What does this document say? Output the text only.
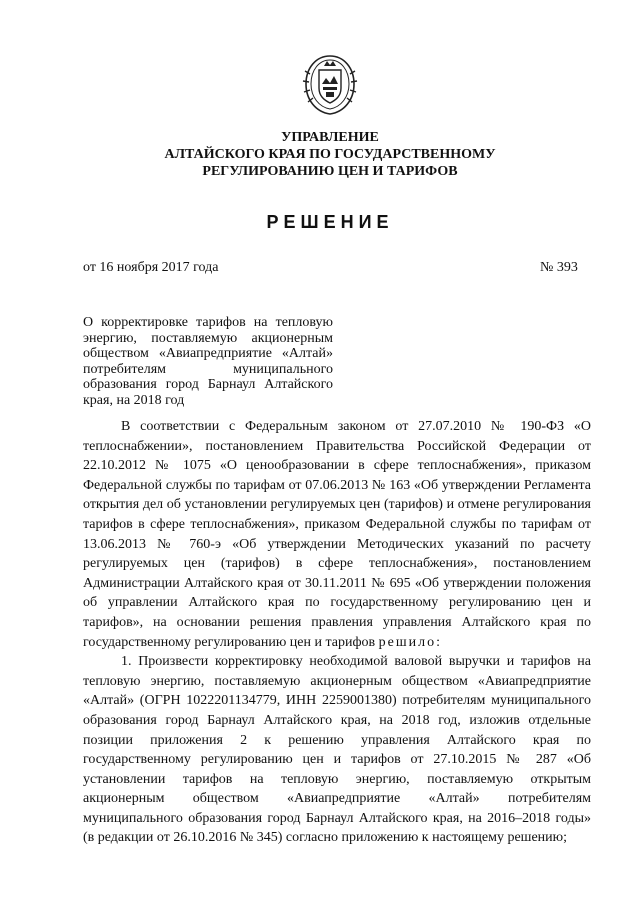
УПРАВЛЕНИЕ
АЛТАЙСКОГО КРАЯ ПО ГОСУДАРСТВЕННОМУ
РЕГУЛИРОВАНИЮ ЦЕН И ТАРИФОВ
РЕШЕНИЕ
от 16 ноября 2017 года	№ 393
О корректировке тарифов на тепловую энергию, поставляемую акционерным обществом «Авиапредприятие «Алтай» потребителям муниципального образования город Барнаул Алтайского края, на 2018 год

В соответствии с Федеральным законом от 27.07.2010 № 190-ФЗ «О теплоснабжении», постановлением Правительства Российской Федерации от 22.10.2012 № 1075 «О ценообразовании в сфере теплоснабжения», приказом Федеральной службы по тарифам от 07.06.2013 № 163 «Об утверждении Регламента открытия дел об установлении регулируемых цен (тарифов) и отмене регулирования тарифов в сфере теплоснабжения», приказом Федеральной службы по тарифам от 13.06.2013 № 760-э «Об утверждении Методических указаний по расчету регулируемых цен (тарифов) в сфере теплоснабжения», постановлением Администрации Алтайского края от 30.11.2011 № 695 «Об утверждении положения об управлении Алтайского края по государственному регулированию цен и тарифов», на основании решения правления управления Алтайского края по государственному регулированию цен и тарифов решило:

1. Произвести корректировку необходимой валовой выручки и тарифов на тепловую энергию, поставляемую акционерным обществом «Авиапредприятие «Алтай» (ОГРН 1022201134779, ИНН 2259001380) потребителям муниципального образования город Барнаул Алтайского края, на 2018 год, изложив отдельные позиции приложения 2 к решению управления Алтайского края по государственному регулированию цен и тарифов от 27.10.2015 № 287 «Об установлении тарифов на тепловую энергию, поставляемую открытым акционерным обществом «Авиапредприятие «Алтай» потребителям муниципального образования город Барнаул Алтайского края, на 2016–2018 годы» (в редакции от 26.10.2016 № 345) согласно приложению к настоящему решению;
